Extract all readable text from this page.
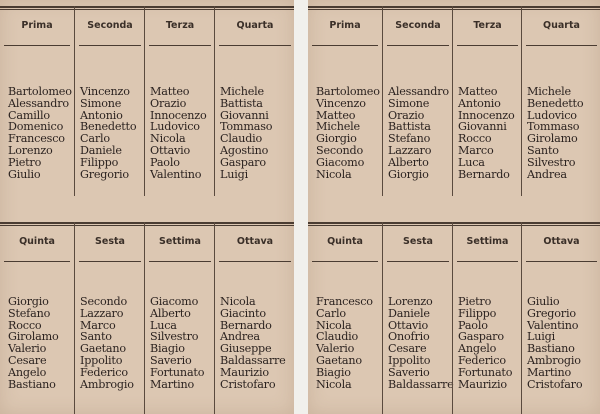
Prima
Bartolomeo
Alessandro
Camillo
Domenico
Francesco
Lorenzo
Pietro
Giulio
Seconda
Vincenzo
Simone
Antonio
Benedetto
Carlo
Daniele
Filippo
Gregorio
Terza
Matteo
Orazio
Innocenzo
Ludovico
Nicola
Ottavio
Paolo
Valentino
Quarta
Michele
Battista
Giovanni
Tommaso
Claudio
Agostino
Gasparo
Luigi
Quinta
Giorgio
Stefano
Rocco
Girolamo
Valerio
Cesare
Angelo
Bastiano
Sesta
Secondo
Lazzaro
Marco
Santo
Gaetano
Ippolito
Federico
Ambrogio
Settima
Giacomo
Alberto
Luca
Silvestro
Biagio
Saverio
Fortunato
Martino
Ottava
Nicola
Giacinto
Bernardo
Andrea
Giuseppe
Baldassarre
Maurizio
Cristofaro
Prima
Bartolomeo
Vincenzo
Matteo
Michele
Giorgio
Secondo
Giacomo
Nicola
Seconda
Alessandro
Simone
Orazio
Battista
Stefano
Lazzaro
Alberto
Giorgio
Terza
Matteo
Antonio
Innocenzo
Giovanni
Rocco
Marco
Luca
Bernardo
Quarta
Michele
Benedetto
Ludovico
Tommaso
Girolamo
Santo
Silvestro
Andrea
Quinta
Francesco
Carlo
Nicola
Claudio
Valerio
Gaetano
Biagio
Nicola
Sesta
Lorenzo
Daniele
Ottavio
Onofrio
Cesare
Ippolito
Saverio
Baldassarre
Settima
Pietro
Filippo
Paolo
Gasparo
Angelo
Federico
Fortunato
Maurizio
Ottava
Giulio
Gregorio
Valentino
Luigi
Bastiano
Ambrogio
Martino
Cristofaro
